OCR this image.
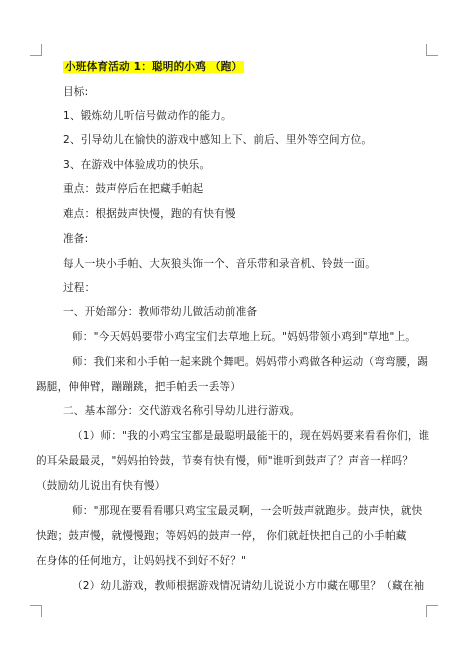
小班体育活动 1：聪明的小鸡 （跑）
目标:
1、锻炼幼儿听信号做动作的能力。
2、引导幼儿在愉快的游戏中感知上下、前后、里外等空间方位。
3、在游戏中体验成功的快乐。
重点：鼓声停后在把藏手帕起
难点：根据鼓声快慢，跑的有快有慢
准备:
每人一块小手帕、大灰狼头饰一个、音乐带和录音机、铃鼓一面。
过程：
一、开始部分：教师带幼儿做活动前准备
师："今天妈妈要带小鸡宝宝们去草地上玩。"妈妈带领小鸡到"草地"上。
师：我们来和小手帕一起来跳个舞吧。妈妈带小鸡做各种运动（弯弯腰，踢
踢腿，伸伸臂，蹦蹦跳，把手帕丢一丢等）
二、基本部分：交代游戏名称引导幼儿进行游戏。
（1）师："我的小鸡宝宝都是最聪明最能干的，现在妈妈要来看看你们，谁
的耳朵最最灵，"妈妈拍铃鼓，节奏有快有慢，师"谁听到鼓声了？声音一样吗？
（鼓励幼儿说出有快有慢）
师："那现在要看看哪只鸡宝宝最灵啊，一会听鼓声就跑步。鼓声快，就快
快跑；鼓声慢，就慢慢跑；等妈妈的鼓声一停， 你们就赶快把自己的小手帕藏
在身体的任何地方，让妈妈找不到好不好？"
（2）幼儿游戏，教师根据游戏情况请幼儿说说小方巾藏在哪里？（藏在袖
